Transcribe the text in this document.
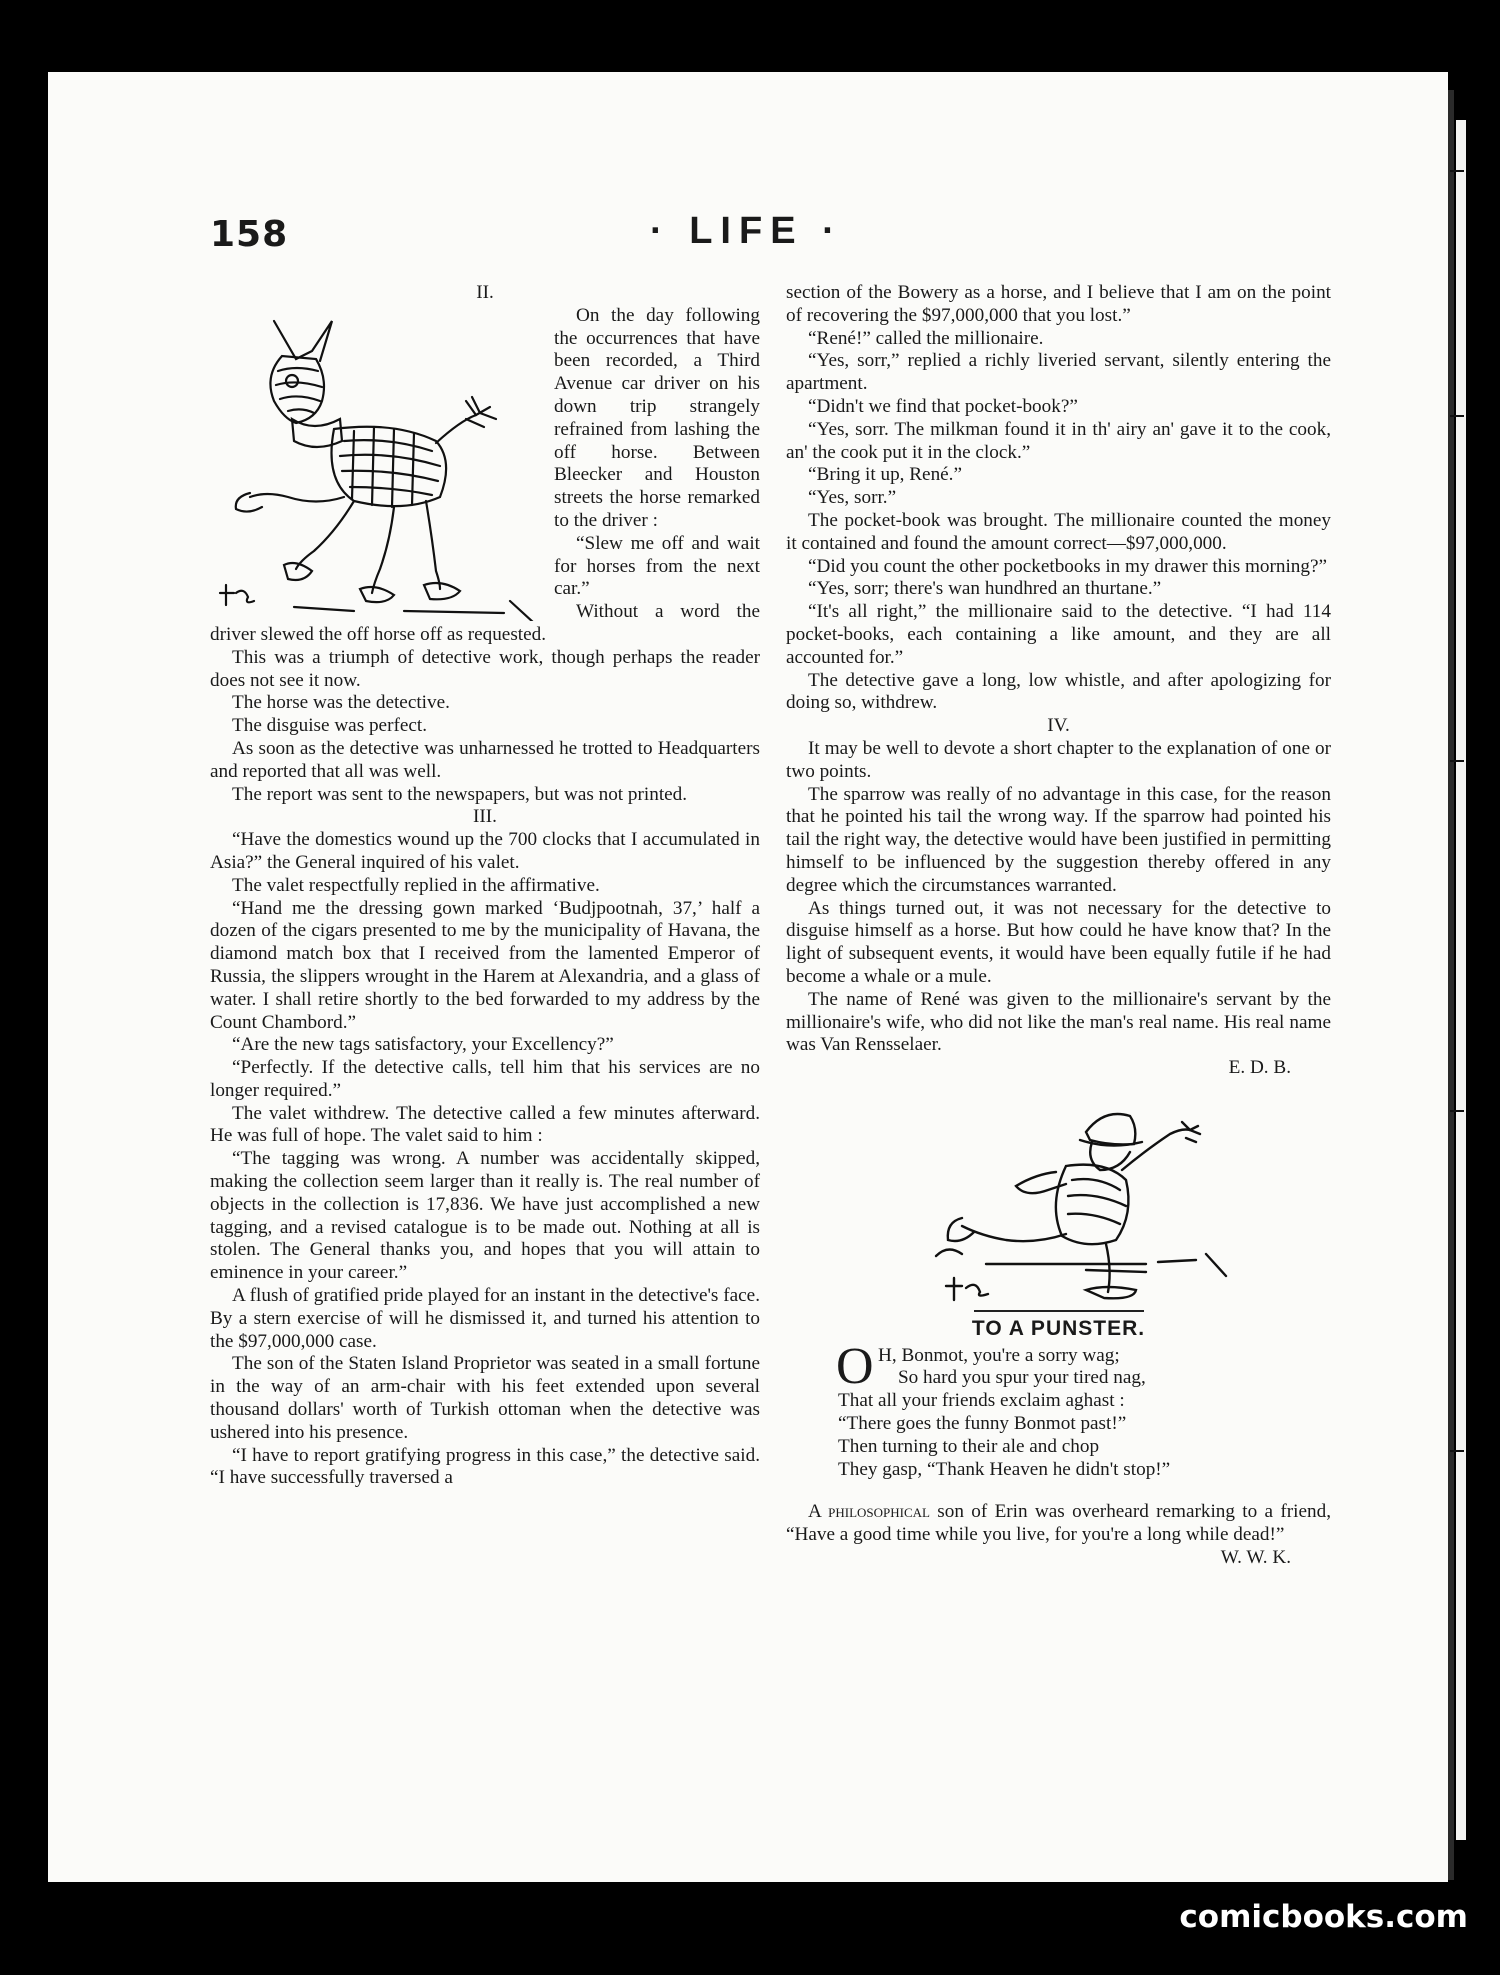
158	· LIFE ·

II.

On the day following the occurrences that have been recorded, a Third Avenue car driver on his down trip strangely refrained from lashing the off horse. Between Bleecker and Houston streets the horse remarked to the driver :

“Slew me off and wait for horses from the next car.”

Without a word the driver slewed the off horse off as requested.

This was a triumph of detective work, though perhaps the reader does not see it now.

The horse was the detective.

The disguise was perfect.

As soon as the detective was unharnessed he trotted to Headquarters and reported that all was well.

The report was sent to the newspapers, but was not printed.

III.

“Have the domestics wound up the 700 clocks that I accumulated in Asia?” the General inquired of his valet.

The valet respectfully replied in the affirmative.

“Hand me the dressing gown marked ‘Budjpootnah, 37,’ half a dozen of the cigars presented to me by the municipality of Havana, the diamond match box that I received from the lamented Emperor of Russia, the slippers wrought in the Harem at Alexandria, and a glass of water. I shall retire shortly to the bed forwarded to my address by the Count Chambord.”

“Are the new tags satisfactory, your Excellency?”

“Perfectly. If the detective calls, tell him that his services are no longer required.”

The valet withdrew. The detective called a few minutes afterward. He was full of hope. The valet said to him :

“The tagging was wrong. A number was accidentally skipped, making the collection seem larger than it really is. The real number of objects in the collection is 17,836. We have just accomplished a new tagging, and a revised catalogue is to be made out. Nothing at all is stolen. The General thanks you, and hopes that you will attain to eminence in your career.”

A flush of gratified pride played for an instant in the detective's face. By a stern exercise of will he dismissed it, and turned his attention to the $97,000,000 case.

The son of the Staten Island Proprietor was seated in a small fortune in the way of an arm-chair with his feet extended upon several thousand dollars' worth of Turkish ottoman when the detective was ushered into his presence.

“I have to report gratifying progress in this case,” the detective said. “I have successfully traversed a

section of the Bowery as a horse, and I believe that I am on the point of recovering the $97,000,000 that you lost.”

“René!” called the millionaire.

“Yes, sorr,” replied a richly liveried servant, silently entering the apartment.

“Didn't we find that pocket-book?”

“Yes, sorr. The milkman found it in th' airy an' gave it to the cook, an' the cook put it in the clock.”

“Bring it up, René.”

“Yes, sorr.”

The pocket-book was brought. The millionaire counted the money it contained and found the amount correct—$97,000,000.

“Did you count the other pocketbooks in my drawer this morning?”

“Yes, sorr; there's wan hundhred an thurtane.”

“It's all right,” the millionaire said to the detective. “I had 114 pocket-books, each containing a like amount, and they are all accounted for.”

The detective gave a long, low whistle, and after apologizing for doing so, withdrew.

IV.

It may be well to devote a short chapter to the explanation of one or two points.

The sparrow was really of no advantage in this case, for the reason that he pointed his tail the wrong way. If the sparrow had pointed his tail the right way, the detective would have been justified in permitting himself to be influenced by the suggestion thereby offered in any degree which the circumstances warranted.

As things turned out, it was not necessary for the detective to disguise himself as a horse. But how could he have know that? In the light of subsequent events, it would have been equally futile if he had become a whale or a mule.

The name of René was given to the millionaire's servant by the millionaire's wife, who did not like the man's real name. His real name was Van Rensselaer.

E. D. B.

TO A PUNSTER.
O H, Bonmot, you're a sorry wag;
So hard you spur your tired nag,
That all your friends exclaim aghast :
“There goes the funny Bonmot past!”
Then turning to their ale and chop
They gasp, “Thank Heaven he didn't stop!”

A philosophical son of Erin was overheard remarking to a friend, “Have a good time while you live, for you're a long while dead!”

W. W. K.

comicbooks.com
